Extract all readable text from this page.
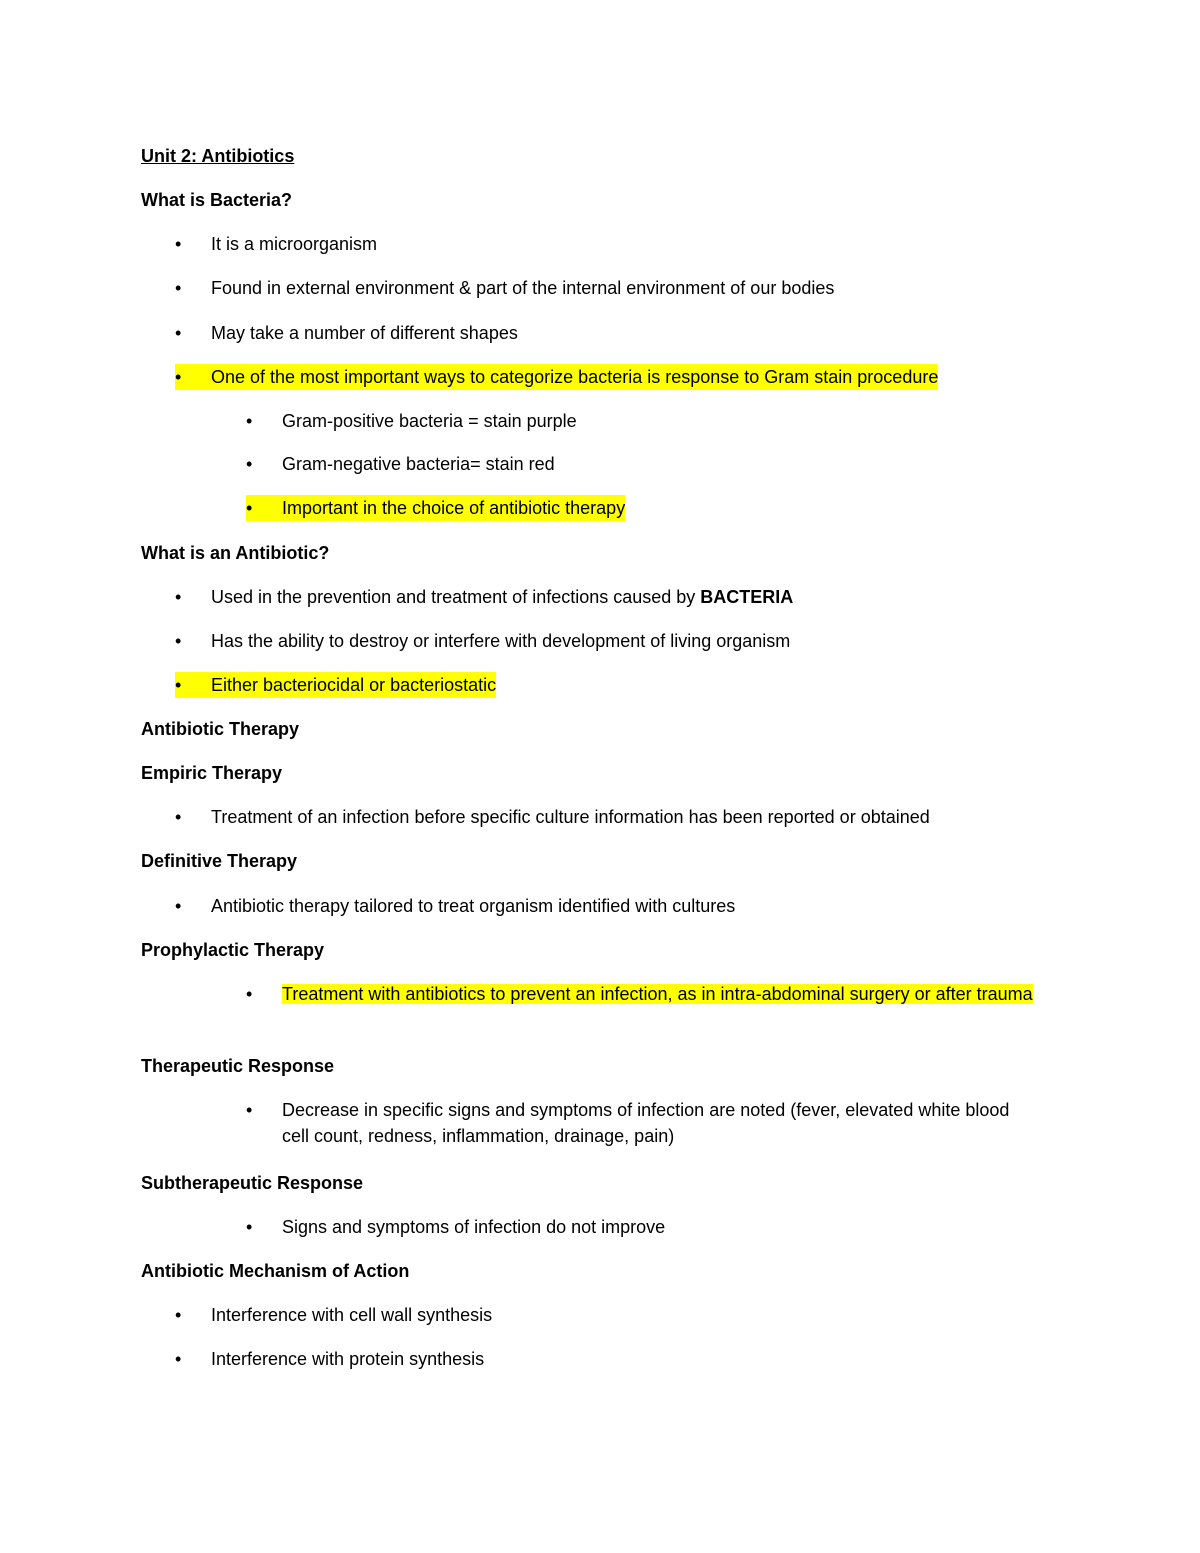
Unit 2: Antibiotics
What is Bacteria?
• It is a microorganism
• Found in external environment & part of the internal environment of our bodies
• May take a number of different shapes
• One of the most important ways to categorize bacteria is response to Gram stain procedure
• Gram-positive bacteria = stain purple
• Gram-negative bacteria= stain red
• Important in the choice of antibiotic therapy
What is an Antibiotic?
• Used in the prevention and treatment of infections caused by BACTERIA
• Has the ability to destroy or interfere with development of living organism
• Either bacteriocidal or bacteriostatic
Antibiotic Therapy
Empiric Therapy
• Treatment of an infection before specific culture information has been reported or obtained
Definitive Therapy
• Antibiotic therapy tailored to treat organism identified with cultures
Prophylactic Therapy
•	Treatment with antibiotics to prevent an infection, as in intra-abdominal surgery or after trauma
Therapeutic Response
•	Decrease in specific signs and symptoms of infection are noted (fever, elevated white blood cell count, redness, inflammation, drainage, pain)
Subtherapeutic Response
• Signs and symptoms of infection do not improve
Antibiotic Mechanism of Action
• Interference with cell wall synthesis
• Interference with protein synthesis
